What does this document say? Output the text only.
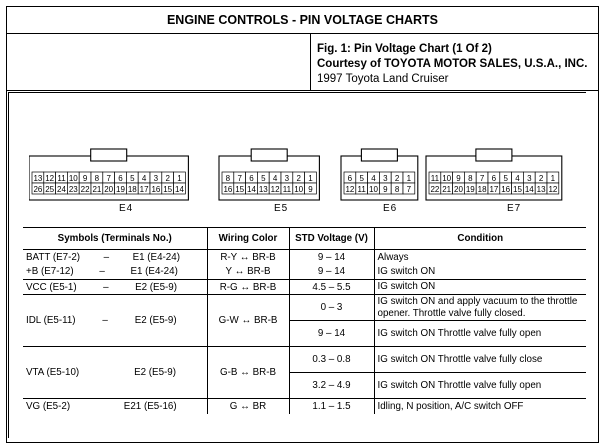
ENGINE CONTROLS - PIN VOLTAGE CHARTS
Fig. 1: Pin Voltage Chart (1 Of 2)
Courtesy of TOYOTA MOTOR SALES, U.S.A., INC.
1997 Toyota Land Cruiser
13 12 11 10 9 8 7 6 5 4 3 2 1
26 25 24 23 22 21 20 19 18 17 16 15 14
8 7 6 5 4 3 2 1
16 15 14 13 12 11 10 9
6 5 4 3 2 1
12 11 10 9 8 7
11 10 9 8 7 6 5 4 3 2 1
22 21 20 19 18 17 16 15 14 13 12
E4	E5	E6	E7
Symbols (Terminals No.)	Wiring Color	STD Voltage (V)	Condition

BATT (E7-2) – E1 (E4-24)	R-Y ↔ BR-B	9 – 14	Always

+B (E7-12) – E1 (E4-24)	Y ↔ BR-B	9 – 14	IG switch ON

VCC (E5-1) – E2 (E5-9)	R-G ↔ BR-B	4.5 – 5.5	IG switch ON

IDL (E5-11) – E2 (E5-9)	G-W ↔ BR-B	0 – 3	IG switch ON and apply vacuum to the throttle opener. Throttle valve fully closed.
		9 – 14	IG switch ON Throttle valve fully open

VTA (E5-10) E2 (E5-9)	G-B ↔ BR-B	0.3 – 0.8	IG switch ON Throttle valve fully close
		3.2 – 4.9	IG switch ON Throttle valve fully open

VG (E5-2) E21 (E5-16)	G ↔ BR	1.1 – 1.5	Idling, N position, A/C switch OFF
